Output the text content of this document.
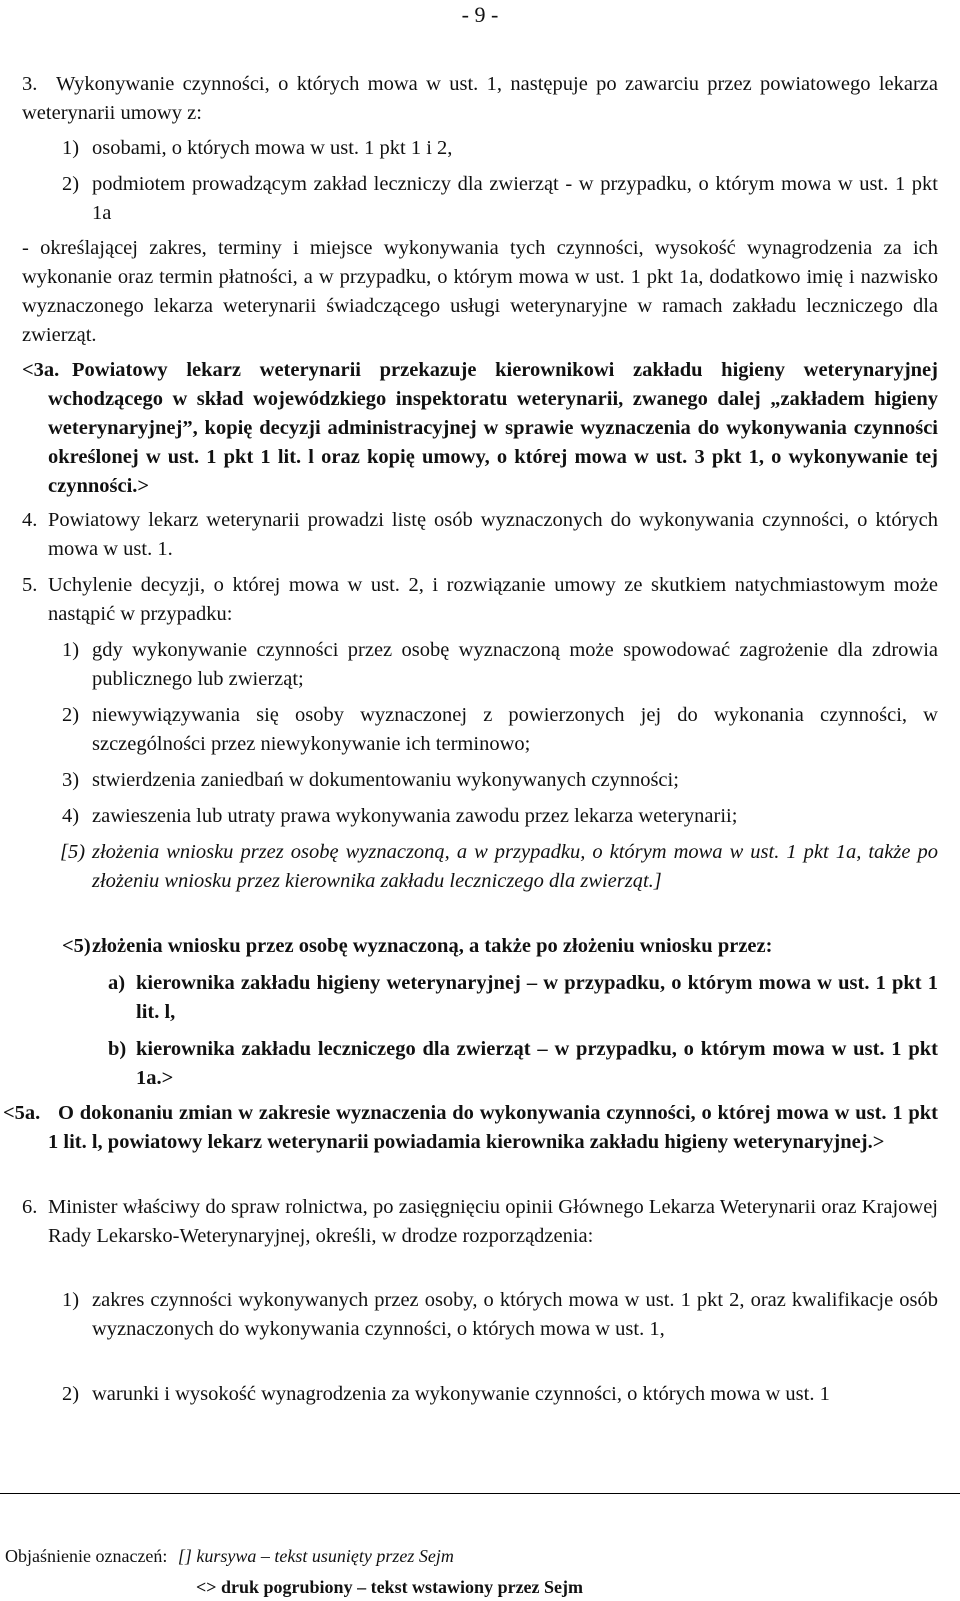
- 9 -
3. Wykonywanie czynności, o których mowa w ust. 1, następuje po zawarciu przez powiatowego lekarza weterynarii umowy z:
1) osobami, o których mowa w ust. 1 pkt 1 i 2,
2) podmiotem prowadzącym zakład leczniczy dla zwierząt - w przypadku, o którym mowa w ust. 1 pkt 1a
- określającej zakres, terminy i miejsce wykonywania tych czynności, wysokość wynagrodzenia za ich wykonanie oraz termin płatności, a w przypadku, o którym mowa w ust. 1 pkt 1a, dodatkowo imię i nazwisko wyznaczonego lekarza weterynarii świadczącego usługi weterynaryjne w ramach zakładu leczniczego dla zwierząt.
<3a. Powiatowy lekarz weterynarii przekazuje kierownikowi zakładu higieny weterynaryjnej wchodzącego w skład wojewódzkiego inspektoratu weterynarii, zwanego dalej „zakładem higieny weterynaryjnej”, kopię decyzji administracyjnej w sprawie wyznaczenia do wykonywania czynności określonej w ust. 1 pkt 1 lit. l oraz kopię umowy, o której mowa w ust. 3 pkt 1, o wykonywanie tej czynności.>
4. Powiatowy lekarz weterynarii prowadzi listę osób wyznaczonych do wykonywania czynności, o których mowa w ust. 1.
5. Uchylenie decyzji, o której mowa w ust. 2, i rozwiązanie umowy ze skutkiem natychmiastowym może nastąpić w przypadku:
1) gdy wykonywanie czynności przez osobę wyznaczoną może spowodować zagrożenie dla zdrowia publicznego lub zwierząt;
2) niewywiązywania się osoby wyznaczonej z powierzonych jej do wykonania czynności, w szczególności przez niewykonywanie ich terminowo;
3) stwierdzenia zaniedbań w dokumentowaniu wykonywanych czynności;
4) zawieszenia lub utraty prawa wykonywania zawodu przez lekarza weterynarii;
[5) złożenia wniosku przez osobę wyznaczoną, a w przypadku, o którym mowa w ust. 1 pkt 1a, także po złożeniu wniosku przez kierownika zakładu leczniczego dla zwierząt.]
<5) złożenia wniosku przez osobę wyznaczoną, a także po złożeniu wniosku przez:
a) kierownika zakładu higieny weterynaryjnej – w przypadku, o którym mowa w ust. 1 pkt 1 lit. l,
b) kierownika zakładu leczniczego dla zwierząt – w przypadku, o którym mowa w ust. 1 pkt 1a.>
<5a. O dokonaniu zmian w zakresie wyznaczenia do wykonywania czynności, o której mowa w ust. 1 pkt 1 lit. l, powiatowy lekarz weterynarii powiadamia kierownika zakładu higieny weterynaryjnej.>
6. Minister właściwy do spraw rolnictwa, po zasięgnięciu opinii Głównego Lekarza Weterynarii oraz Krajowej Rady Lekarsko-Weterynaryjnej, określi, w drodze rozporządzenia:
1) zakres czynności wykonywanych przez osoby, o których mowa w ust. 1 pkt 2, oraz kwalifikacje osób wyznaczonych do wykonywania czynności, o których mowa w ust. 1,
2) warunki i wysokość wynagrodzenia za wykonywanie czynności, o których mowa w ust. 1
Objaśnienie oznaczeń: [] kursywa – tekst usunięty przez Sejm
<> druk pogrubiony – tekst wstawiony przez Sejm
